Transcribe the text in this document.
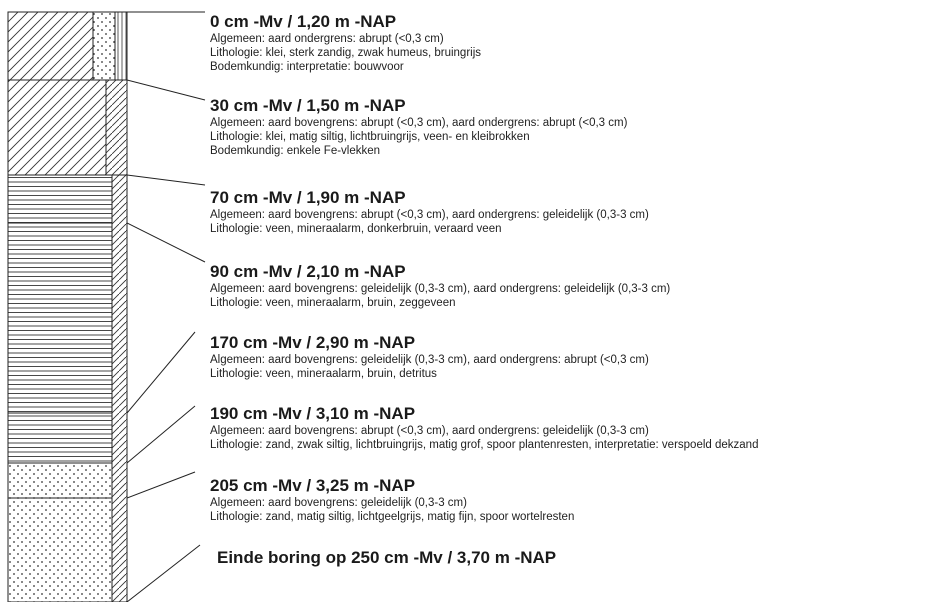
0 cm -Mv / 1,20 m -NAP
Algemeen: aard ondergrens: abrupt (<0,3 cm)
Lithologie: klei, sterk zandig, zwak humeus, bruingrijs
Bodemkundig: interpretatie: bouwvoor
30 cm -Mv / 1,50 m -NAP
Algemeen: aard bovengrens: abrupt (<0,3 cm), aard ondergrens: abrupt (<0,3 cm)
Lithologie: klei, matig siltig, lichtbruingrijs, veen- en kleibrokken
Bodemkundig: enkele Fe-vlekken
70 cm -Mv / 1,90 m -NAP
Algemeen: aard bovengrens: abrupt (<0,3 cm), aard ondergrens: geleidelijk (0,3-3 cm)
Lithologie: veen, mineraalarm, donkerbruin, veraard veen
90 cm -Mv / 2,10 m -NAP
Algemeen: aard bovengrens: geleidelijk (0,3-3 cm), aard ondergrens: geleidelijk (0,3-3 cm)
Lithologie: veen, mineraalarm, bruin, zeggeveen
170 cm -Mv / 2,90 m -NAP
Algemeen: aard bovengrens: geleidelijk (0,3-3 cm), aard ondergrens: abrupt (<0,3 cm)
Lithologie: veen, mineraalarm, bruin, detritus
190 cm -Mv / 3,10 m -NAP
Algemeen: aard bovengrens: abrupt (<0,3 cm), aard ondergrens: geleidelijk (0,3-3 cm)
Lithologie: zand, zwak siltig, lichtbruingrijs, matig grof, spoor plantenresten, interpretatie: verspoeld dekzand
205 cm -Mv / 3,25 m -NAP
Algemeen: aard bovengrens: geleidelijk (0,3-3 cm)
Lithologie: zand, matig siltig, lichtgeelgrijs, matig fijn, spoor wortelresten
Einde boring op 250 cm -Mv / 3,70 m -NAP
